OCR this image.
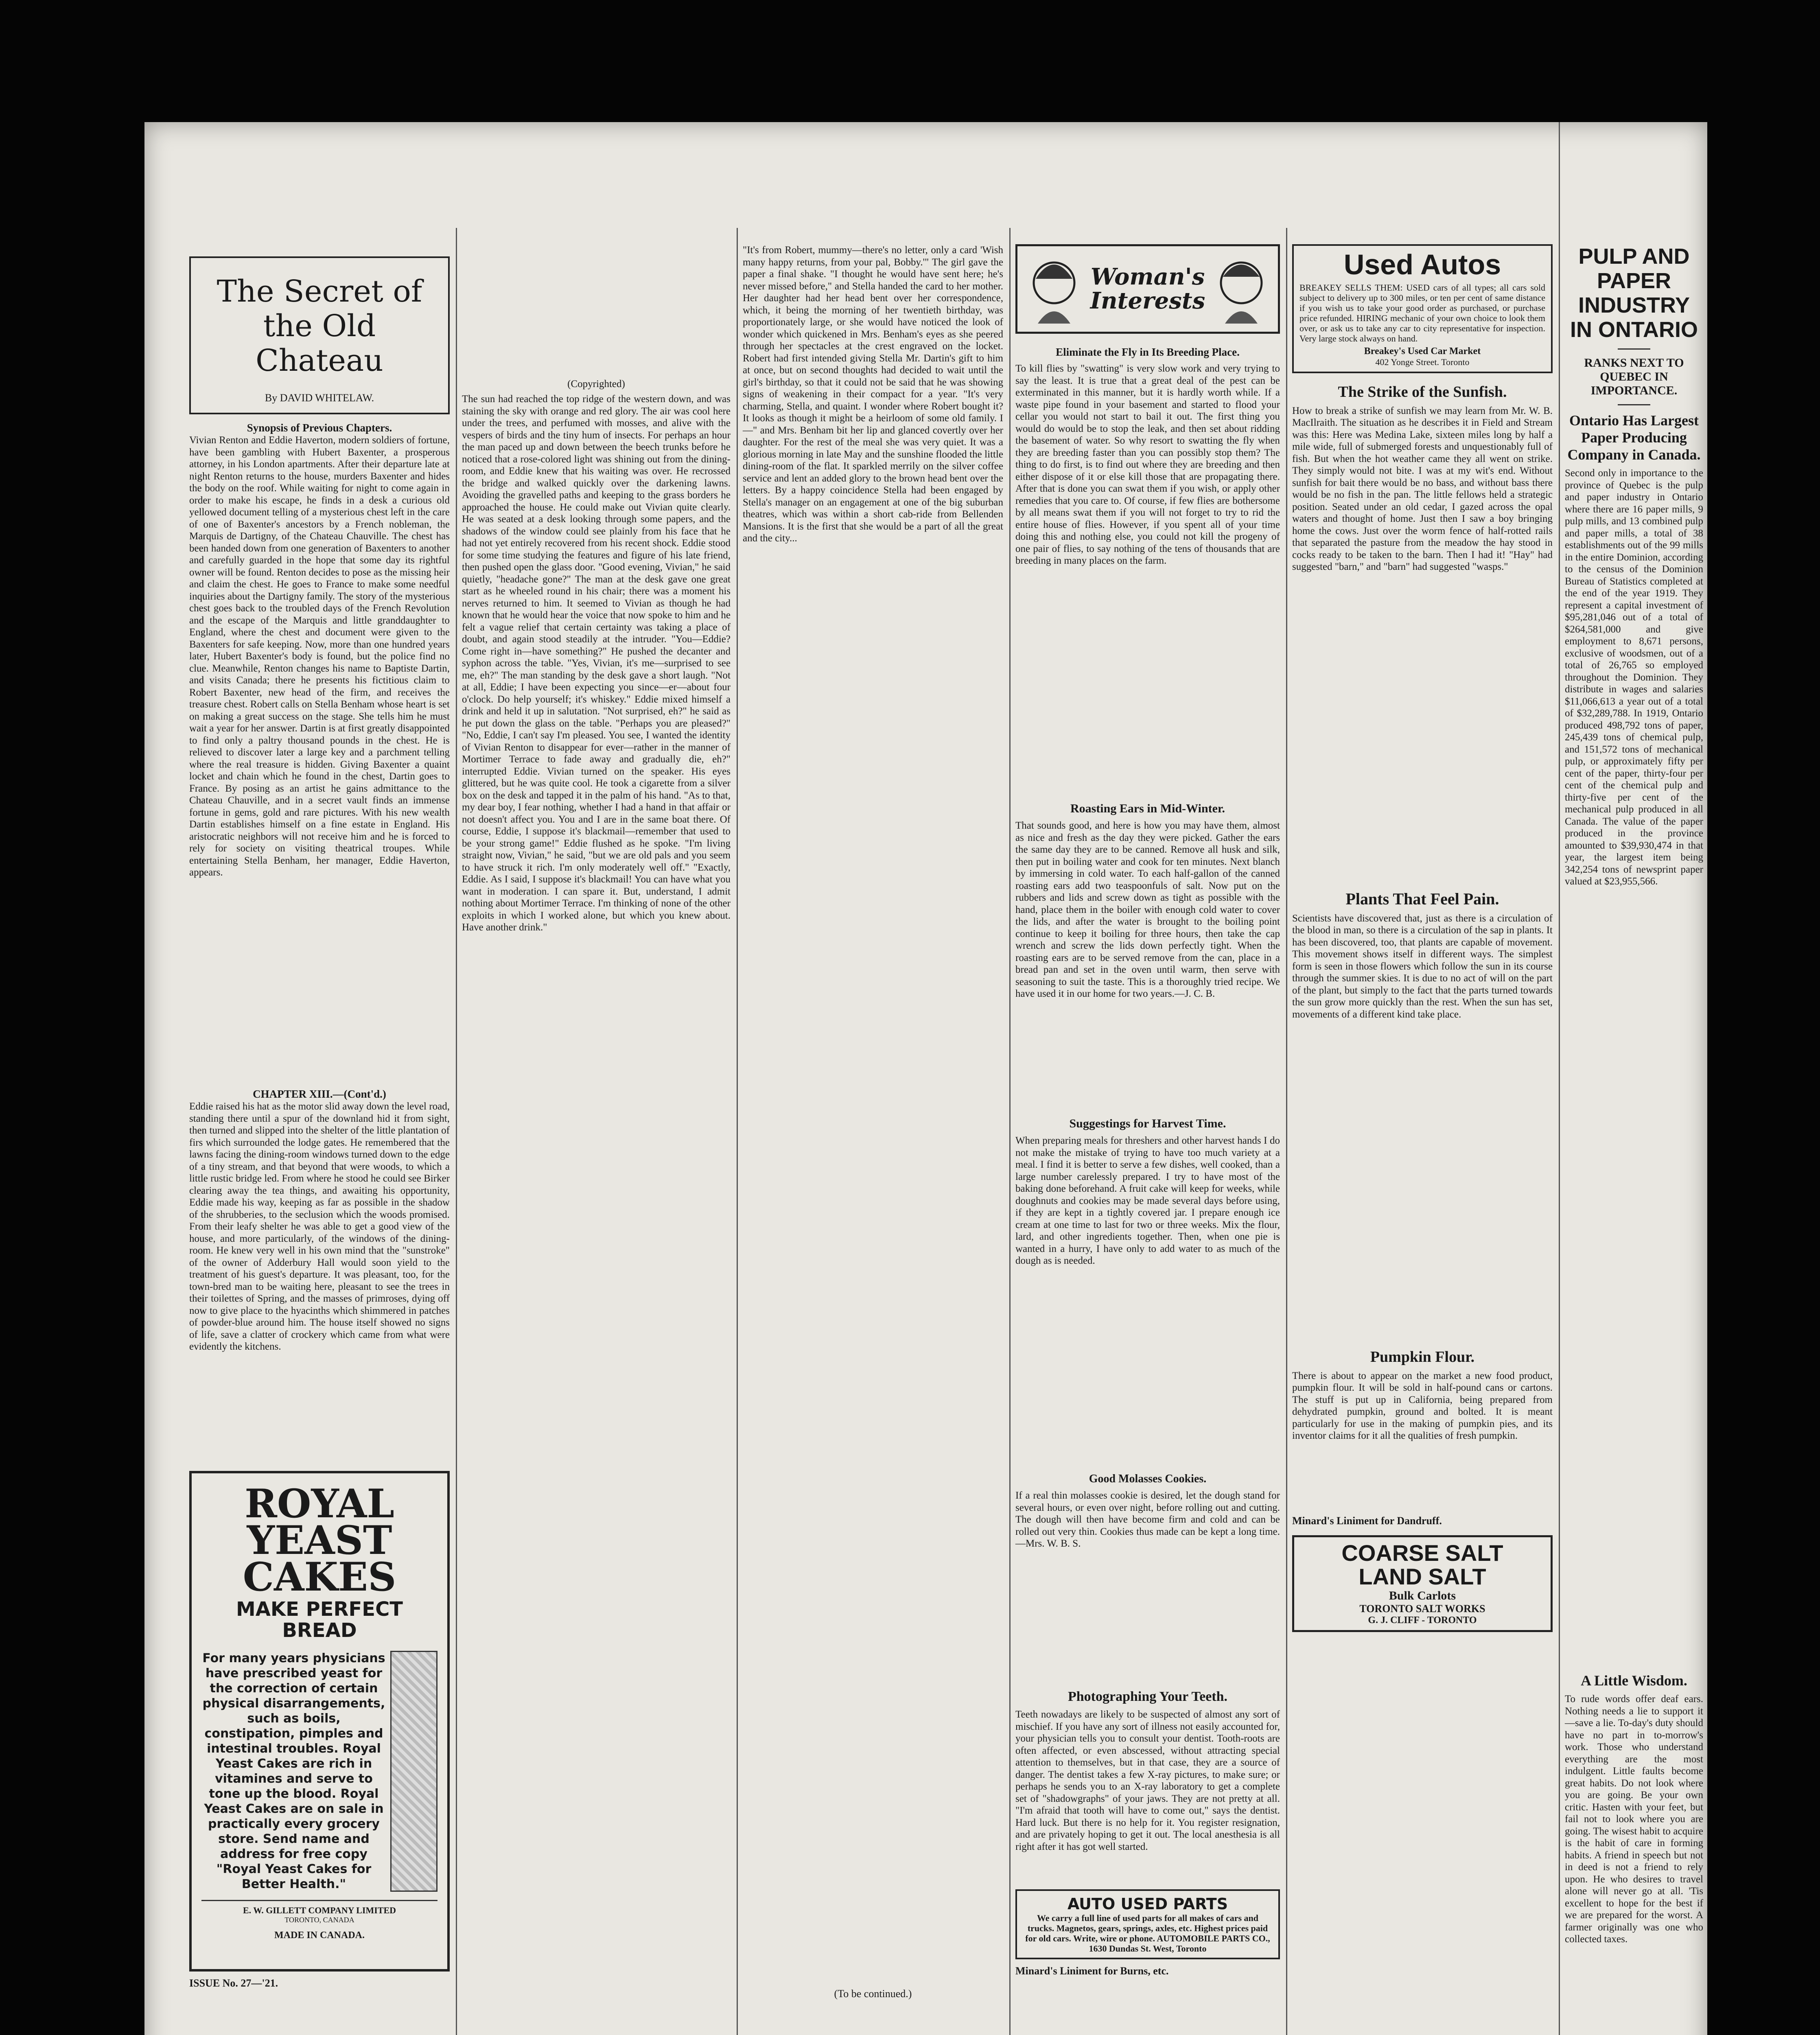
The Secret of the Old Chateau
By DAVID WHITELAW.
Synopsis of Previous Chapters.
Vivian Renton and Eddie Haverton, modern soldiers of fortune, have been gambling with Hubert Baxenter, a prosperous attorney, in his London apartments. After their departure late at night Renton returns to the house, murders Baxenter and hides the body on the roof. While waiting for night to come again in order to make his escape, he finds in a desk a curious old yellowed document telling of a mysterious chest left in the care of one of Baxenter's ancestors by a French nobleman, the Marquis de Dartigny, of the Chateau Chauville. The chest has been handed down from one generation of Baxenters to another and carefully guarded in the hope that some day its rightful owner will be found. Renton decides to pose as the missing heir and claim the chest. He goes to France to make some needful inquiries about the Dartigny family. The story of the mysterious chest goes back to the troubled days of the French Revolution and the escape of the Marquis and little granddaughter to England, where the chest and document were given to the Baxenters for safe keeping. Now, more than one hundred years later, Hubert Baxenter's body is found, but the police find no clue. Meanwhile, Renton changes his name to Baptiste Dartin, and visits Canada; there he presents his fictitious claim to Robert Baxenter, new head of the firm, and receives the treasure chest. Robert calls on Stella Benham whose heart is set on making a great success on the stage. She tells him he must wait a year for her answer. Dartin is at first greatly disappointed to find only a paltry thousand pounds in the chest. He is relieved to discover later a large key and a parchment telling where the real treasure is hidden. Giving Baxenter a quaint locket and chain which he found in the chest, Dartin goes to France. By posing as an artist he gains admittance to the Chateau Chauville, and in a secret vault finds an immense fortune in gems, gold and rare pictures. With his new wealth Dartin establishes himself on a fine estate in England. His aristocratic neighbors will not receive him and he is forced to rely for society on visiting theatrical troupes. While entertaining Stella Benham, her manager, Eddie Haverton, appears.
CHAPTER XIII.—(Cont'd.)
Eddie raised his hat as the motor slid away down the level road, standing there until a spur of the downland hid it from sight, then turned and slipped into the shelter of the little plantation of firs which surrounded the lodge gates. He remembered that the lawns facing the dining-room windows turned down to the edge of a tiny stream, and that beyond that were woods, to which a little rustic bridge led. From where he stood he could see Birker clearing away the tea things, and awaiting his opportunity, Eddie made his way, keeping as far as possible in the shadow of the shrubberies, to the seclusion which the woods promised. From their leafy shelter he was able to get a good view of the house, and more particularly, of the windows of the dining-room. He knew very well in his own mind that the "sunstroke" of the owner of Adderbury Hall would soon yield to the treatment of his guest's departure. It was pleasant, too, for the town-bred man to be waiting here, pleasant to see the trees in their toilettes of Spring, and the masses of primroses, dying off now to give place to the hyacinths which shimmered in patches of powder-blue around him. The house itself showed no signs of life, save a clatter of crockery which came from what were evidently the kitchens.
ROYAL
YEAST
CAKES
MAKE PERFECT
BREAD
For many years physicians have prescribed yeast for the correction of certain physical disarrangements, such as boils, constipation, pimples and intestinal troubles. Royal Yeast Cakes are rich in vitamines and serve to tone up the blood. Royal Yeast Cakes are on sale in practically every grocery store. Send name and address for free copy "Royal Yeast Cakes for Better Health."
E. W. GILLETT COMPANY LIMITED
TORONTO, CANADA
MADE IN CANADA.
ISSUE No. 27—'21.
(Copyrighted)
The sun had reached the top ridge of the western down, and was staining the sky with orange and red glory. The air was cool here under the trees, and perfumed with mosses, and alive with the vespers of birds and the tiny hum of insects. For perhaps an hour the man paced up and down between the beech trunks before he noticed that a rose-colored light was shining out from the dining-room, and Eddie knew that his waiting was over. He recrossed the bridge and walked quickly over the darkening lawns. Avoiding the gravelled paths and keeping to the grass borders he approached the house. He could make out Vivian quite clearly. He was seated at a desk looking through some papers, and the shadows of the window could see plainly from his face that he had not yet entirely recovered from his recent shock. Eddie stood for some time studying the features and figure of his late friend, then pushed open the glass door. "Good evening, Vivian," he said quietly, "headache gone?" The man at the desk gave one great start as he wheeled round in his chair; there was a moment his nerves returned to him. It seemed to Vivian as though he had known that he would hear the voice that now spoke to him and he felt a vague relief that certain certainty was taking a place of doubt, and again stood steadily at the intruder. "You—Eddie? Come right in—have something?" He pushed the decanter and syphon across the table. "Yes, Vivian, it's me—surprised to see me, eh?" The man standing by the desk gave a short laugh. "Not at all, Eddie; I have been expecting you since—er—about four o'clock. Do help yourself; it's whiskey." Eddie mixed himself a drink and held it up in salutation. "Not surprised, eh?" he said as he put down the glass on the table. "Perhaps you are pleased?" "No, Eddie, I can't say I'm pleased. You see, I wanted the identity of Vivian Renton to disappear for ever—rather in the manner of Mortimer Terrace to fade away and gradually die, eh?" interrupted Eddie. Vivian turned on the speaker. His eyes glittered, but he was quite cool. He took a cigarette from a silver box on the desk and tapped it in the palm of his hand. "As to that, my dear boy, I fear nothing, whether I had a hand in that affair or not doesn't affect you. You and I are in the same boat there. Of course, Eddie, I suppose it's blackmail—remember that used to be your strong game!" Eddie flushed as he spoke. "I'm living straight now, Vivian," he said, "but we are old pals and you seem to have struck it rich. I'm only moderately well off." "Exactly, Eddie. As I said, I suppose it's blackmail! You can have what you want in moderation. I can spare it. But, understand, I admit nothing about Mortimer Terrace. I'm thinking of none of the other exploits in which I worked alone, but which you knew about. Have another drink."
"It's from Robert, mummy—there's no letter, only a card 'Wish many happy returns, from your pal, Bobby.'" The girl gave the paper a final shake. "I thought he would have sent here; he's never missed before," and Stella handed the card to her mother. Her daughter had her head bent over her correspondence, which, it being the morning of her twentieth birthday, was proportionately large, or she would have noticed the look of wonder which quickened in Mrs. Benham's eyes as she peered through her spectacles at the crest engraved on the locket. Robert had first intended giving Stella Mr. Dartin's gift to him at once, but on second thoughts had decided to wait until the girl's birthday, so that it could not be said that he was showing signs of weakening in their compact for a year. "It's very charming, Stella, and quaint. I wonder where Robert bought it? It looks as though it might be a heirloom of some old family. I—" and Mrs. Benham bit her lip and glanced covertly over her daughter. For the rest of the meal she was very quiet. It was a glorious morning in late May and the sunshine flooded the little dining-room of the flat. It sparkled merrily on the silver coffee service and lent an added glory to the brown head bent over the letters. By a happy coincidence Stella had been engaged by Stella's manager on an engagement at one of the big suburban theatres, which was within a short cab-ride from Bellenden Mansions. It is the first that she would be a part of all the great and the city...
(To be continued.)
Woman's Interests
Eliminate the Fly in Its Breeding Place.
To kill flies by "swatting" is very slow work and very trying to say the least. It is true that a great deal of the pest can be exterminated in this manner, but it is hardly worth while. If a waste pipe found in your basement and started to flood your cellar you would not start to bail it out. The first thing you would do would be to stop the leak, and then set about ridding the basement of water. So why resort to swatting the fly when they are breeding faster than you can possibly stop them? The thing to do first, is to find out where they are breeding and then either dispose of it or else kill those that are propagating there. After that is done you can swat them if you wish, or apply other remedies that you care to. Of course, if few flies are bothersome by all means swat them if you will not forget to try to rid the entire house of flies. However, if you spent all of your time doing this and nothing else, you could not kill the progeny of one pair of flies, to say nothing of the tens of thousands that are breeding in many places on the farm.
Roasting Ears in Mid-Winter.
That sounds good, and here is how you may have them, almost as nice and fresh as the day they were picked. Gather the ears the same day they are to be canned. Remove all husk and silk, then put in boiling water and cook for ten minutes. Next blanch by immersing in cold water. To each half-gallon of the canned roasting ears add two teaspoonfuls of salt. Now put on the rubbers and lids and screw down as tight as possible with the hand, place them in the boiler with enough cold water to cover the lids, and after the water is brought to the boiling point continue to keep it boiling for three hours, then take the cap wrench and screw the lids down perfectly tight. When the roasting ears are to be served remove from the can, place in a bread pan and set in the oven until warm, then serve with seasoning to suit the taste. This is a thoroughly tried recipe. We have used it in our home for two years.—J. C. B.
Suggestings for Harvest Time.
When preparing meals for threshers and other harvest hands I do not make the mistake of trying to have too much variety at a meal. I find it is better to serve a few dishes, well cooked, than a large number carelessly prepared. I try to have most of the baking done beforehand. A fruit cake will keep for weeks, while doughnuts and cookies may be made several days before using, if they are kept in a tightly covered jar. I prepare enough ice cream at one time to last for two or three weeks. Mix the flour, lard, and other ingredients together. Then, when one pie is wanted in a hurry, I have only to add water to as much of the dough as is needed.
Good Molasses Cookies.
If a real thin molasses cookie is desired, let the dough stand for several hours, or even over night, before rolling out and cutting. The dough will then have become firm and cold and can be rolled out very thin. Cookies thus made can be kept a long time.—Mrs. W. B. S.
Photographing Your Teeth.
Teeth nowadays are likely to be suspected of almost any sort of mischief. If you have any sort of illness not easily accounted for, your physician tells you to consult your dentist. Tooth-roots are often affected, or even abscessed, without attracting special attention to themselves, but in that case, they are a source of danger. The dentist takes a few X-ray pictures, to make sure; or perhaps he sends you to an X-ray laboratory to get a complete set of "shadowgraphs" of your jaws. They are not pretty at all. "I'm afraid that tooth will have to come out," says the dentist. Hard luck. But there is no help for it. You register resignation, and are privately hoping to get it out. The local anesthesia is all right after it has got well started.
AUTO USED PARTS
We carry a full line of used parts for all makes of cars and trucks. Magnetos, gears, springs, axles, etc. Highest prices paid for old cars. Write, wire or phone. AUTOMOBILE PARTS CO., 1630 Dundas St. West, Toronto
Minard's Liniment for Burns, etc.
Used Autos
BREAKEY SELLS THEM: USED cars of all types; all cars sold subject to delivery up to 300 miles, or ten per cent of same distance if you wish us to take your good order as purchased, or purchase price refunded. HIRING mechanic of your own choice to look them over, or ask us to take any car to city representative for inspection. Very large stock always on hand.
Breakey's Used Car Market
402 Yonge Street. Toronto
The Strike of the Sunfish.
How to break a strike of sunfish we may learn from Mr. W. B. MacIlraith. The situation as he describes it in Field and Stream was this: Here was Medina Lake, sixteen miles long by half a mile wide, full of submerged forests and unquestionably full of fish. But when the hot weather came they all went on strike. They simply would not bite. I was at my wit's end. Without sunfish for bait there would be no bass, and without bass there would be no fish in the pan. The little fellows held a strategic position. Seated under an old cedar, I gazed across the opal waters and thought of home. Just then I saw a boy bringing home the cows. Just over the worm fence of half-rotted rails that separated the pasture from the meadow the hay stood in cocks ready to be taken to the barn. Then I had it! "Hay" had suggested "barn," and "barn" had suggested "wasps."
Plants That Feel Pain.
Scientists have discovered that, just as there is a circulation of the blood in man, so there is a circulation of the sap in plants. It has been discovered, too, that plants are capable of movement. This movement shows itself in different ways. The simplest form is seen in those flowers which follow the sun in its course through the summer skies. It is due to no act of will on the part of the plant, but simply to the fact that the parts turned towards the sun grow more quickly than the rest. When the sun has set, movements of a different kind take place.
Pumpkin Flour.
There is about to appear on the market a new food product, pumpkin flour. It will be sold in half-pound cans or cartons. The stuff is put up in California, being prepared from dehydrated pumpkin, ground and bolted. It is meant particularly for use in the making of pumpkin pies, and its inventor claims for it all the qualities of fresh pumpkin.
Minard's Liniment for Dandruff.
COARSE SALT
LAND SALT
Bulk Carlots
TORONTO SALT WORKS
G. J. CLIFF - TORONTO
PULP AND PAPER INDUSTRY IN ONTARIO
RANKS NEXT TO QUEBEC IN IMPORTANCE.
Ontario Has Largest Paper Producing Company in Canada.
Second only in importance to the province of Quebec is the pulp and paper industry in Ontario where there are 16 paper mills, 9 pulp mills, and 13 combined pulp and paper mills, a total of 38 establishments out of the 99 mills in the entire Dominion, according to the census of the Dominion Bureau of Statistics completed at the end of the year 1919. They represent a capital investment of $95,281,046 out of a total of $264,581,000 and give employment to 8,671 persons, exclusive of woodsmen, out of a total of 26,765 so employed throughout the Dominion. They distribute in wages and salaries $11,066,613 a year out of a total of $32,289,788. In 1919, Ontario produced 498,792 tons of paper, 245,439 tons of chemical pulp, and 151,572 tons of mechanical pulp, or approximately fifty per cent of the paper, thirty-four per cent of the chemical pulp and thirty-five per cent of the mechanical pulp produced in all Canada. The value of the paper produced in the province amounted to $39,930,474 in that year, the largest item being 342,254 tons of newsprint paper valued at $23,955,566.
A Little Wisdom.
To rude words offer deaf ears. Nothing needs a lie to support it—save a lie. To-day's duty should have no part in to-morrow's work. Those who understand everything are the most indulgent. Little faults become great habits. Do not look where you are going. Be your own critic. Hasten with your feet, but fail not to look where you are going. The wisest habit to acquire is the habit of care in forming habits. A friend in speech but not in deed is not a friend to rely upon. He who desires to travel alone will never go at all. 'Tis excellent to hope for the best if we are prepared for the worst. A farmer originally was one who collected taxes.
